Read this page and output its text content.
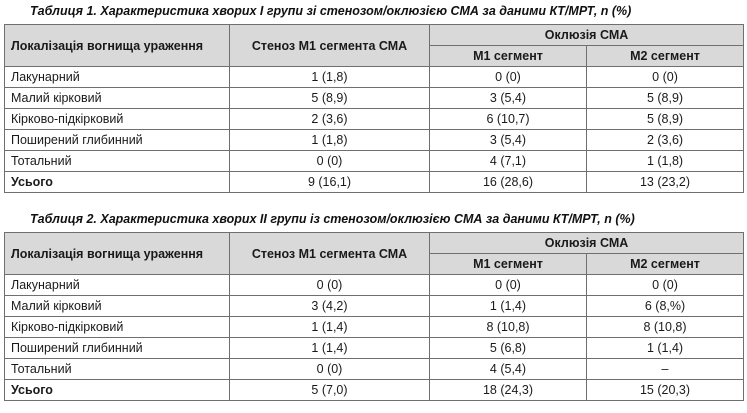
Таблиця 1. Характеристика хворих І групи зі стенозом/оклюзією СМА за даними КТ/МРТ, n (%)
Локалізація вогнища ураження	Стеноз М1 сегмента СМА	Оклюзія СМА	
		М1 сегмент	М2 сегмент
Лакунарний	1 (1,8)	0 (0)	0 (0)
Малий кірковий	5 (8,9)	3 (5,4)	5 (8,9)
Кірково-підкірковий	2 (3,6)	6 (10,7)	5 (8,9)
Поширений глибинний	1 (1,8)	3 (5,4)	2 (3,6)
Тотальний	0 (0)	4 (7,1)	1 (1,8)
Усього	9 (16,1)	16 (28,6)	13 (23,2)
Таблиця 2. Характеристика хворих ІІ групи із стенозом/оклюзією СМА за даними КТ/МРТ, n (%)
Локалізація вогнища ураження	Стеноз М1 сегмента СМА	Оклюзія СМА	
		М1 сегмент	М2 сегмент
Лакунарний	0 (0)	0 (0)	0 (0)
Малий кірковий	3 (4,2)	1 (1,4)	6 (8,%)
Кірково-підкірковий	1 (1,4)	8 (10,8)	8 (10,8)
Поширений глибинний	1 (1,4)	5 (6,8)	1 (1,4)
Тотальний	0 (0)	4 (5,4)	–
Усього	5 (7,0)	18 (24,3)	15 (20,3)
